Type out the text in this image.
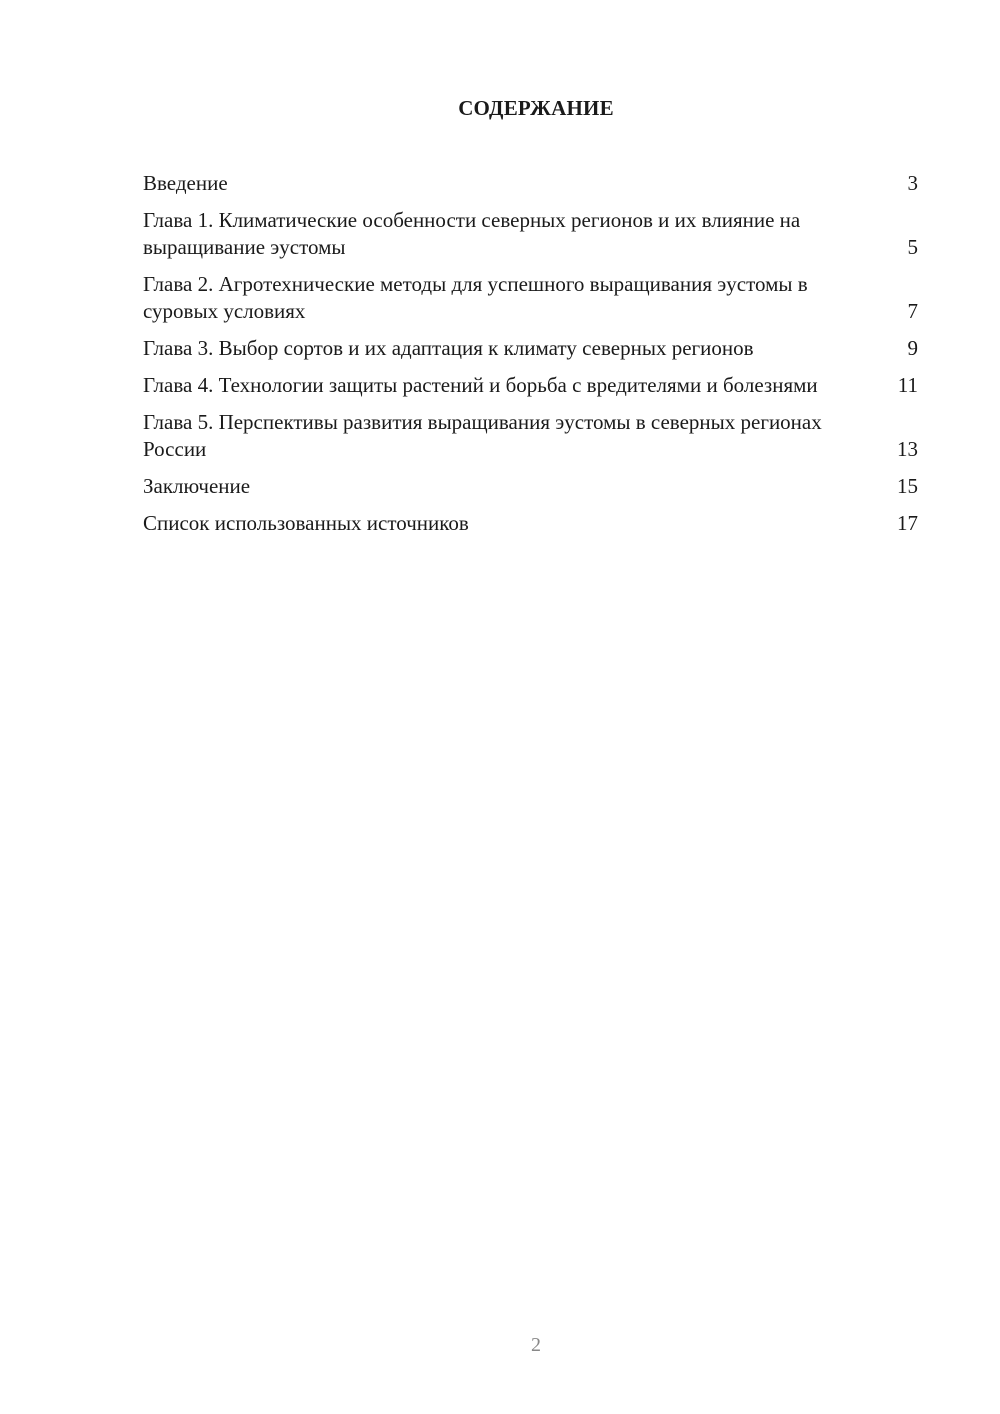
СОДЕРЖАНИЕ
Введение	3
Глава 1. Климатические особенности северных регионов и их влияние на выращивание эустомы	5
Глава 2. Агротехнические методы для успешного выращивания эустомы в суровых условиях	7
Глава 3. Выбор сортов и их адаптация к климату северных регионов	9
Глава 4. Технологии защиты растений и борьба с вредителями и болезнями	11
Глава 5. Перспективы развития выращивания эустомы в северных регионах России	13
Заключение	15
Список использованных источников	17
2
